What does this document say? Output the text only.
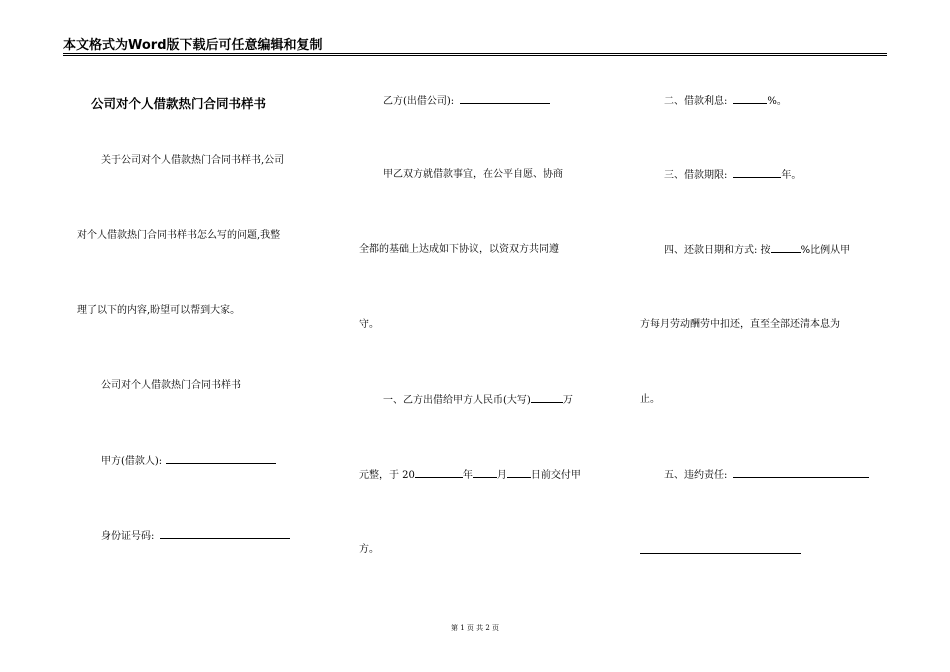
本文格式为Word版下载后可任意编辑和复制
公司对个人借款热门合同书样书
关于公司对个人借款热门合同书样书,公司
对个人借款热门合同书样书怎么写的问题,我整
理了以下的内容,盼望可以帮到大家。
公司对个人借款热门合同书样书
甲方(借款人):
身份证号码:
乙方(出借公司):
甲乙双方就借款事宜，在公平自愿、协商
全都的基础上达成如下协议，以资双方共同遵
守。
一、乙方出借给甲方人民币(大写)	万
元整，于 20	年 月 日前交付甲
方。
二、借款利息:	%。
三、借款期限:	年。
四、还款日期和方式: 按	%比例从甲
方每月劳动酬劳中扣还，直至全部还清本息为
止。
五、违约责任:
第 1 页 共 2 页
